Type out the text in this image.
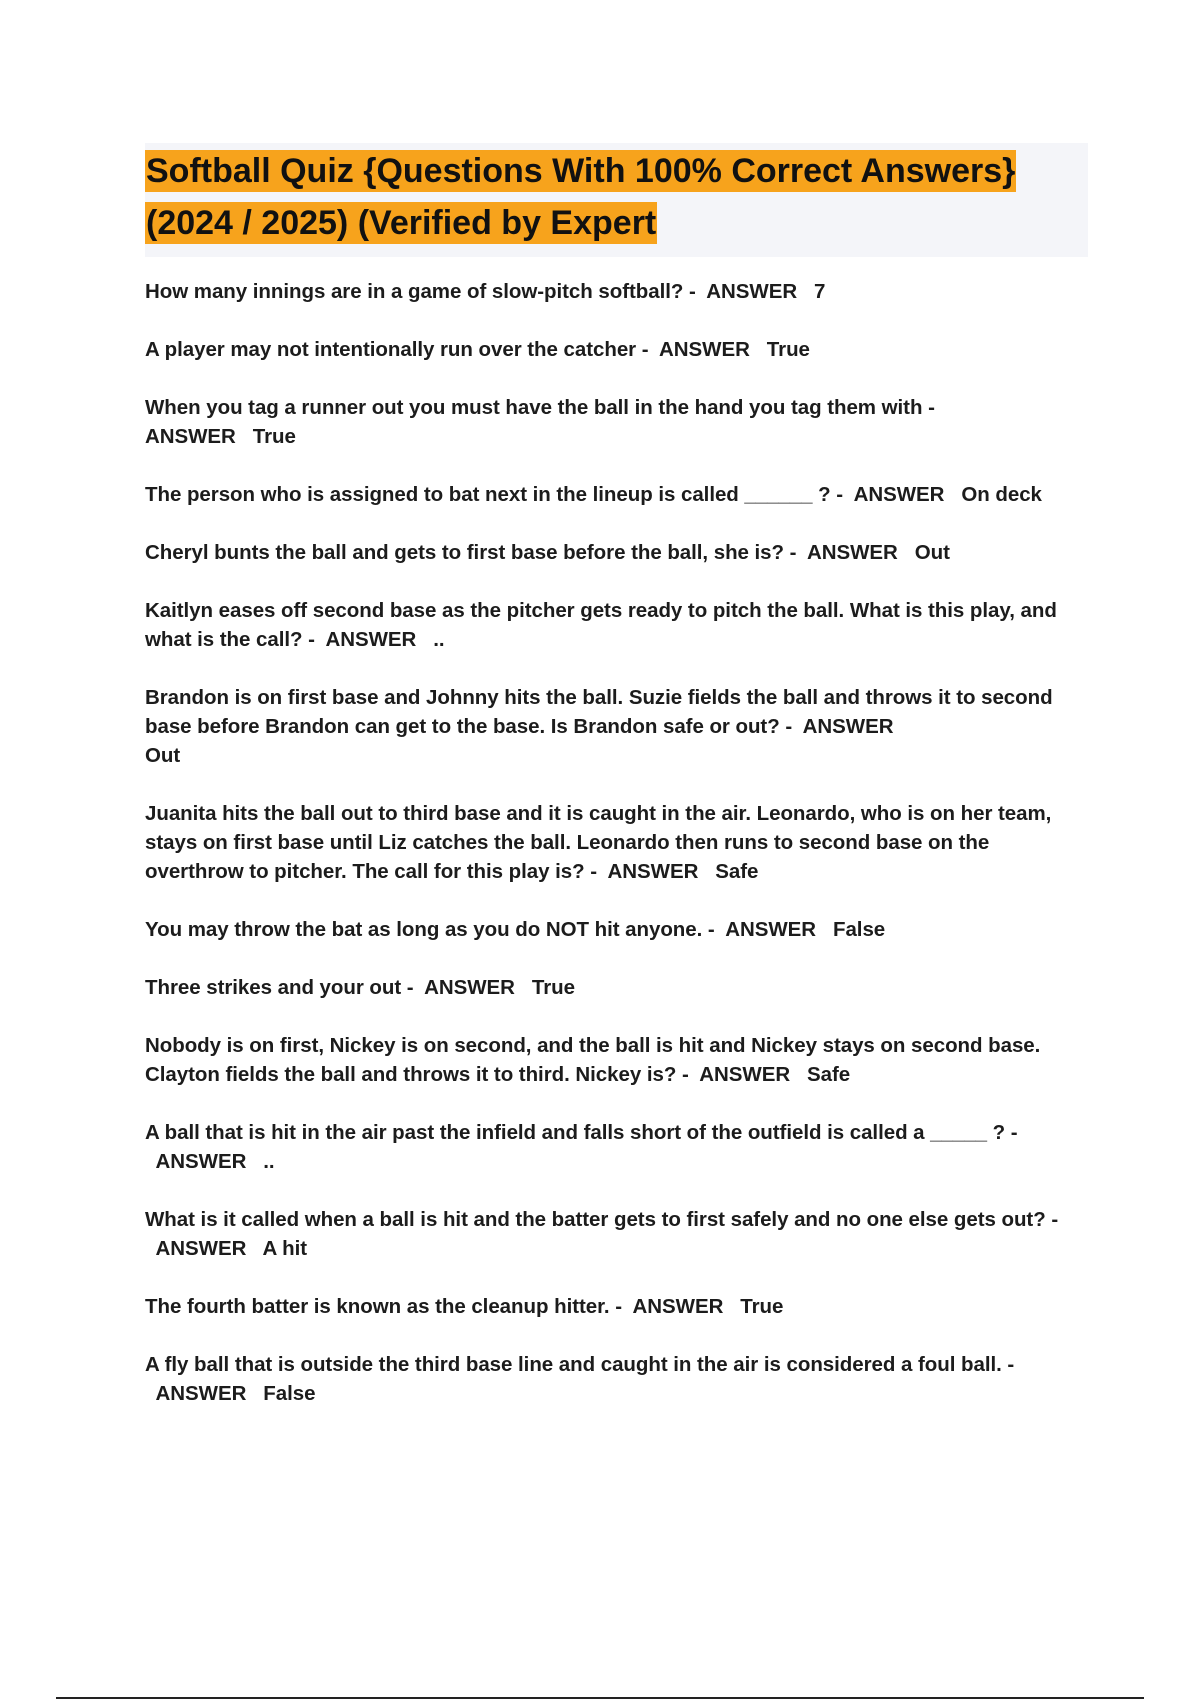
Softball Quiz {Questions With 100% Correct Answers}
(2024 / 2025) (Verified by Expert

How many innings are in a game of slow-pitch softball? - ANSWER 7

A player may not intentionally run over the catcher - ANSWER True

When you tag a runner out you must have the ball in the hand you tag them with -
ANSWER True

The person who is assigned to bat next in the lineup is called ______ ? - ANSWER On deck

Cheryl bunts the ball and gets to first base before the ball, she is? - ANSWER Out

Kaitlyn eases off second base as the pitcher gets ready to pitch the ball. What is this play, and what is the call? - ANSWER ..

Brandon is on first base and Johnny hits the ball. Suzie fields the ball and throws it to second base before Brandon can get to the base. Is Brandon safe or out? - ANSWER
Out

Juanita hits the ball out to third base and it is caught in the air. Leonardo, who is on her team, stays on first base until Liz catches the ball. Leonardo then runs to second base on the overthrow to pitcher. The call for this play is? - ANSWER Safe

You may throw the bat as long as you do NOT hit anyone. - ANSWER False

Three strikes and your out - ANSWER True

Nobody is on first, Nickey is on second, and the ball is hit and Nickey stays on second base. Clayton fields the ball and throws it to third. Nickey is? - ANSWER Safe

A ball that is hit in the air past the infield and falls short of the outfield is called a _____ ? -  ANSWER ..

What is it called when a ball is hit and the batter gets to first safely and no one else gets out? -  ANSWER A hit

The fourth batter is known as the cleanup hitter. - ANSWER True

A fly ball that is outside the third base line and caught in the air is considered a foul ball. -  ANSWER False
